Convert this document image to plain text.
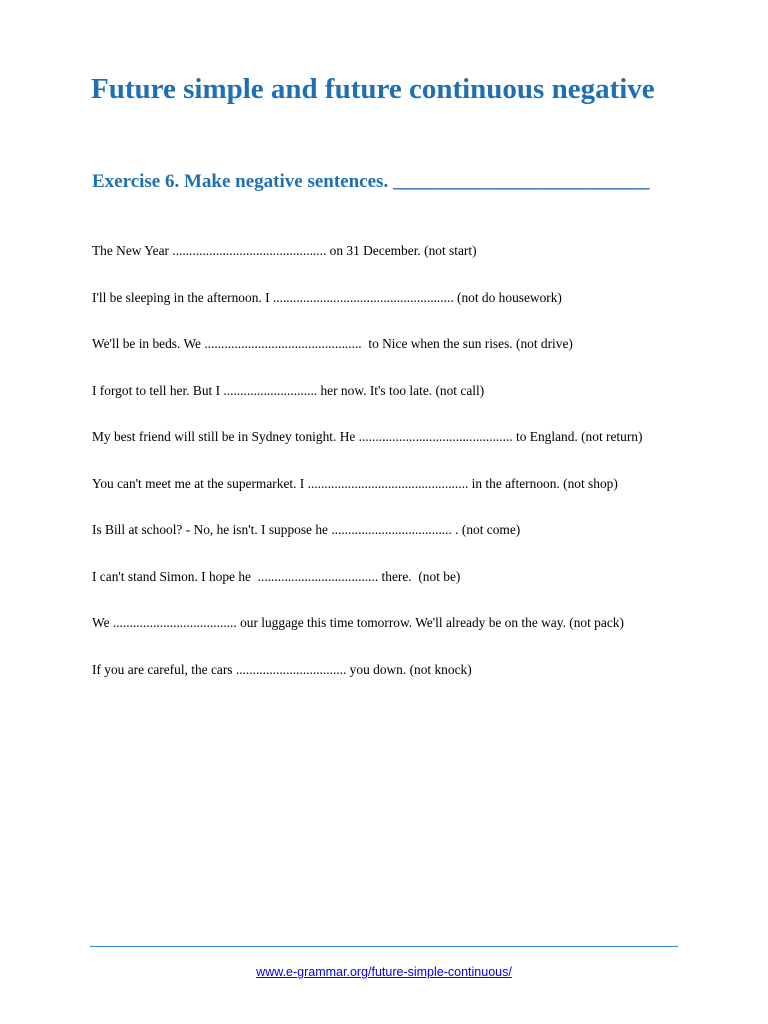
Future simple and future continuous negative
Exercise 6. Make negative sentences. ___________________________
The New Year .............................................. on 31 December. (not start)
I'll be sleeping in the afternoon. I ...................................................... (not do housework)
We'll be in beds. We ...............................................  to Nice when the sun rises. (not drive)
I forgot to tell her. But I ............................ her now. It's too late. (not call)
My best friend will still be in Sydney tonight. He .............................................. to England. (not return)
You can't meet me at the supermarket. I ................................................ in the afternoon. (not shop)
Is Bill at school? - No, he isn't. I suppose he .................................... . (not come)
I can't stand Simon. I hope he  .................................... there.  (not be)
We ..................................... our luggage this time tomorrow. We'll already be on the way. (not pack)
If you are careful, the cars ................................. you down. (not knock)
www.e-grammar.org/future-simple-continuous/
